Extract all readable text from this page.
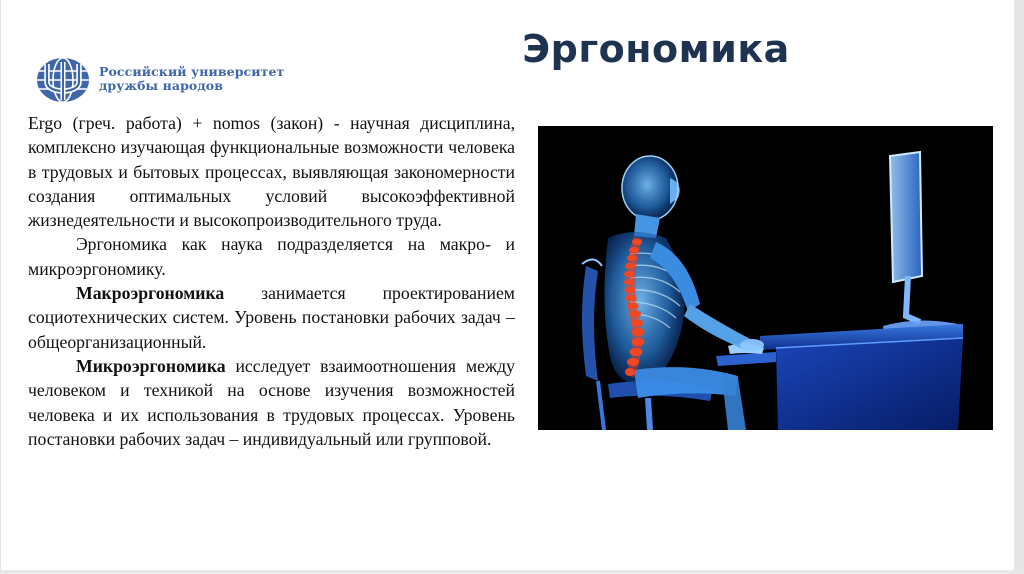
Российский университет
дружбы народов
Эргономика

Ergo (греч. работа) + nomos (закон) - научная дисциплина, комплексно изучающая функциональные возможности человека в трудовых и бытовых процессах, выявляющая закономерности создания оптимальных условий высокоэффективной жизнедеятельности и высокопроизводительного труда.

Эргономика как наука подразделяется на макро- и микроэргономику.

Макроэргономика занимается проектированием социотехнических систем. Уровень постановки рабочих задач – общеорганизационный.

Микроэргономика исследует взаимоотношения между человеком и техникой на основе изучения возможностей человека и их использования в трудовых процессах. Уровень постановки рабочих задач – индивидуальный или групповой.
